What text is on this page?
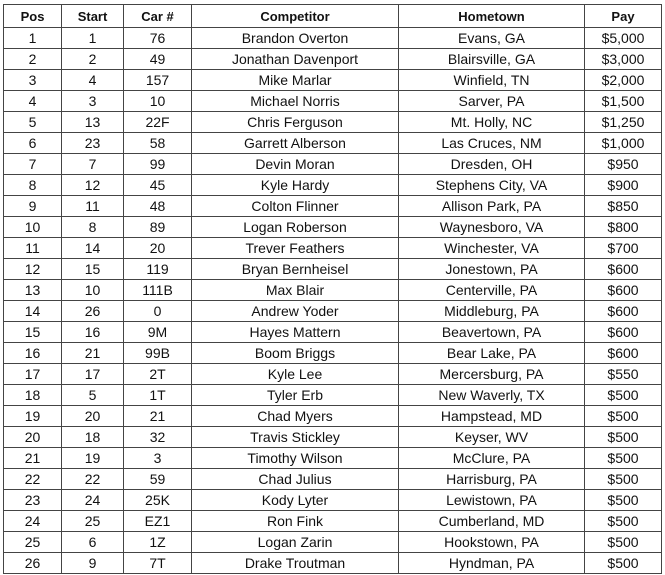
Pos	Start	Car #	Competitor	Hometown	Pay
1	1	76	Brandon Overton	Evans, GA	$5,000
2	2	49	Jonathan Davenport	Blairsville, GA	$3,000
3	4	157	Mike Marlar	Winfield, TN	$2,000
4	3	10	Michael Norris	Sarver, PA	$1,500
5	13	22F	Chris Ferguson	Mt. Holly, NC	$1,250
6	23	58	Garrett Alberson	Las Cruces, NM	$1,000
7	7	99	Devin Moran	Dresden, OH	$950
8	12	45	Kyle Hardy	Stephens City, VA	$900
9	11	48	Colton Flinner	Allison Park, PA	$850
10	8	89	Logan Roberson	Waynesboro, VA	$800
11	14	20	Trever Feathers	Winchester, VA	$700
12	15	119	Bryan Bernheisel	Jonestown, PA	$600
13	10	111B	Max Blair	Centerville, PA	$600
14	26	0	Andrew Yoder	Middleburg, PA	$600
15	16	9M	Hayes Mattern	Beavertown, PA	$600
16	21	99B	Boom Briggs	Bear Lake, PA	$600
17	17	2T	Kyle Lee	Mercersburg, PA	$550
18	5	1T	Tyler Erb	New Waverly, TX	$500
19	20	21	Chad Myers	Hampstead, MD	$500
20	18	32	Travis Stickley	Keyser, WV	$500
21	19	3	Timothy Wilson	McClure, PA	$500
22	22	59	Chad Julius	Harrisburg, PA	$500
23	24	25K	Kody Lyter	Lewistown, PA	$500
24	25	EZ1	Ron Fink	Cumberland, MD	$500
25	6	1Z	Logan Zarin	Hookstown, PA	$500
26	9	7T	Drake Troutman	Hyndman, PA	$500
